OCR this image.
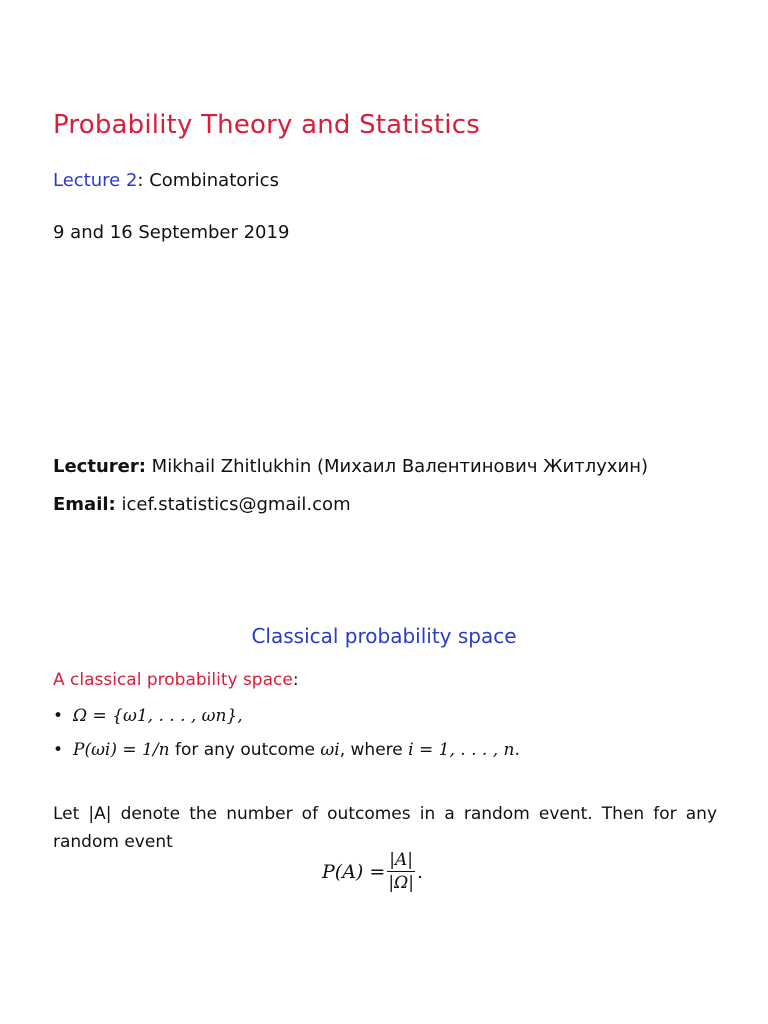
Probability Theory and Statistics
Lecture 2: Combinatorics
9 and 16 September 2019
Lecturer: Mikhail Zhitlukhin (Михаил Валентинович Житлухин)
Email: icef.statistics@gmail.com
Classical probability space
A classical probability space:
• Ω = {ω1, . . . , ωn},
• P(ωi) = 1/n for any outcome ωi, where i = 1, . . . , n.
Let |A| denote the number of outcomes in a random event. Then for any random event
$P(A) = \frac{|A|}{|\Omega|}$ .
